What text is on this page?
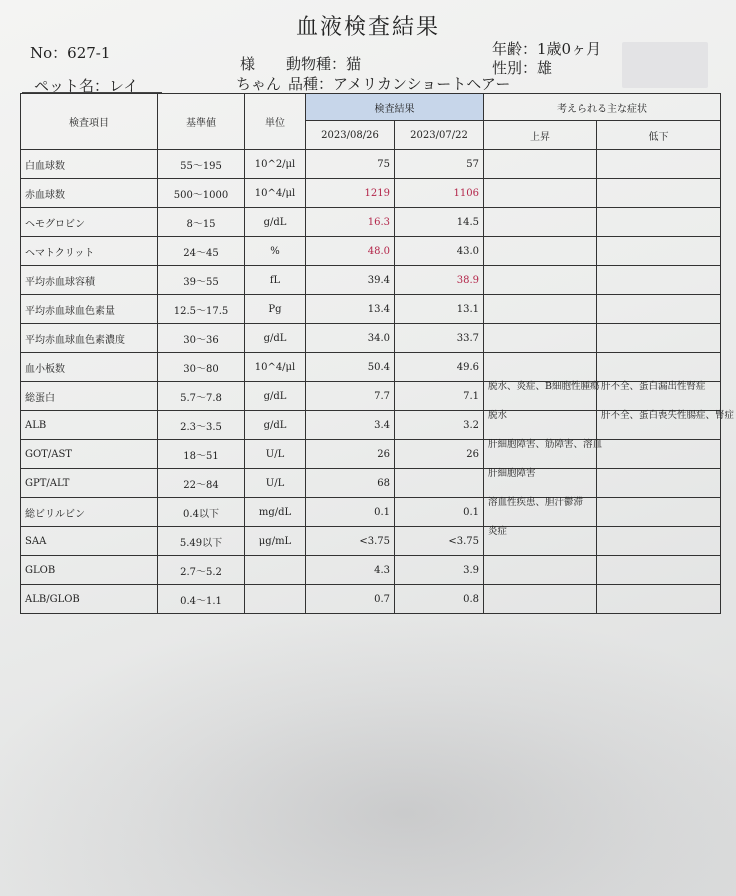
血液検査結果
No：627-1
様 動物種：猫
年齢：1歳0ヶ月
性別：雄
ペット名：レイ	ちゃん 品種：アメリカンショートヘアー
検査項目	基準値	単位	検査結果		考えられる主な症状	
			2023/08/26	2023/07/22	上昇	低下
白血球数	55〜195	10^2/μl	75	57		
赤血球数	500〜1000	10^4/μl	1219	1106		
ヘモグロビン	8〜15	g/dL	16.3	14.5		
ヘマトクリット	24〜45	%	48.0	43.0		
平均赤血球容積	39〜55	fL	39.4	38.9		
平均赤血球血色素量	12.5〜17.5	Pg	13.4	13.1		
平均赤血球血色素濃度	30〜36	g/dL	34.0	33.7		
血小板数	30〜80	10^4/μl	50.4	49.6		
総蛋白	5.7〜7.8	g/dL	7.7	7.1	脱水、炎症、B細胞性腫瘍	肝不全、蛋白漏出性腎症
ALB	2.3〜3.5	g/dL	3.4	3.2	脱水	肝不全、蛋白喪失性腸症、腎症
GOT/AST	18〜51	U/L	26	26	肝細胞障害、筋障害、溶血	
GPT/ALT	22〜84	U/L	68		肝細胞障害	
総ビリルビン	0.4以下	mg/dL	0.1	0.1	溶血性疾患、胆汁鬱滞	
SAA	5.49以下	μg/mL	<3.75	<3.75	炎症	
GLOB	2.7〜5.2		4.3	3.9		
ALB/GLOB	0.4〜1.1		0.7	0.8		
